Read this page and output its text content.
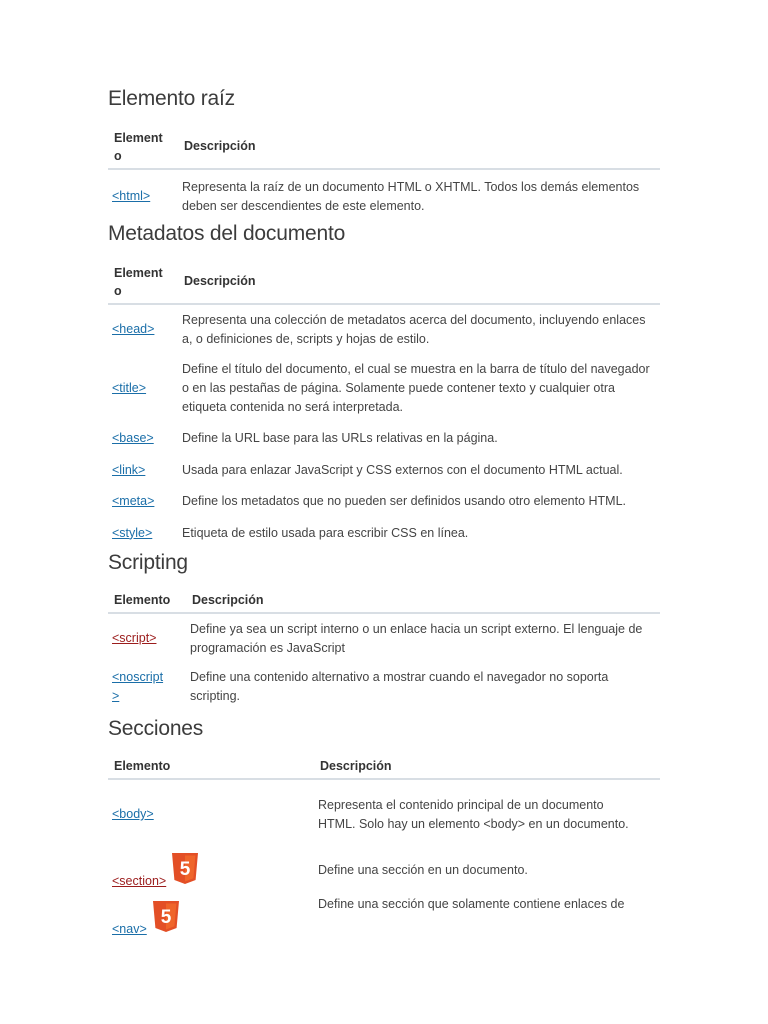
Elemento raíz
Element
o	Descripción
<html>	Representa la raíz de un documento HTML o XHTML. Todos los demás elementos deben ser descendientes de este elemento.
Metadatos del documento
Element
o	Descripción
<head>	Representa una colección de metadatos acerca del documento, incluyendo enlaces a, o definiciones de, scripts y hojas de estilo.
<title>	Define el título del documento, el cual se muestra en la barra de título del navegador o en las pestañas de página. Solamente puede contener texto y cualquier otra etiqueta contenida no será interpretada.
<base>	Define la URL base para las URLs relativas en la página.
<link>	Usada para enlazar JavaScript y CSS externos con el documento HTML actual.
<meta>	Define los metadatos que no pueden ser definidos usando otro elemento HTML.
<style>	Etiqueta de estilo usada para escribir CSS en línea.
Scripting
Elemento	Descripción
<script>	Define ya sea un script interno o un enlace hacia un script externo. El lenguaje de programación es JavaScript
<noscript
>	Define una contenido alternativo a mostrar cuando el navegador no soporta scripting.
Secciones
Elemento	Descripción
<body>	Representa el contenido principal de un documento HTML. Solo hay un elemento <body> en un documento.
<section>
5	Define una sección en un documento.
<nav>
5	Define una sección que solamente contiene enlaces de
